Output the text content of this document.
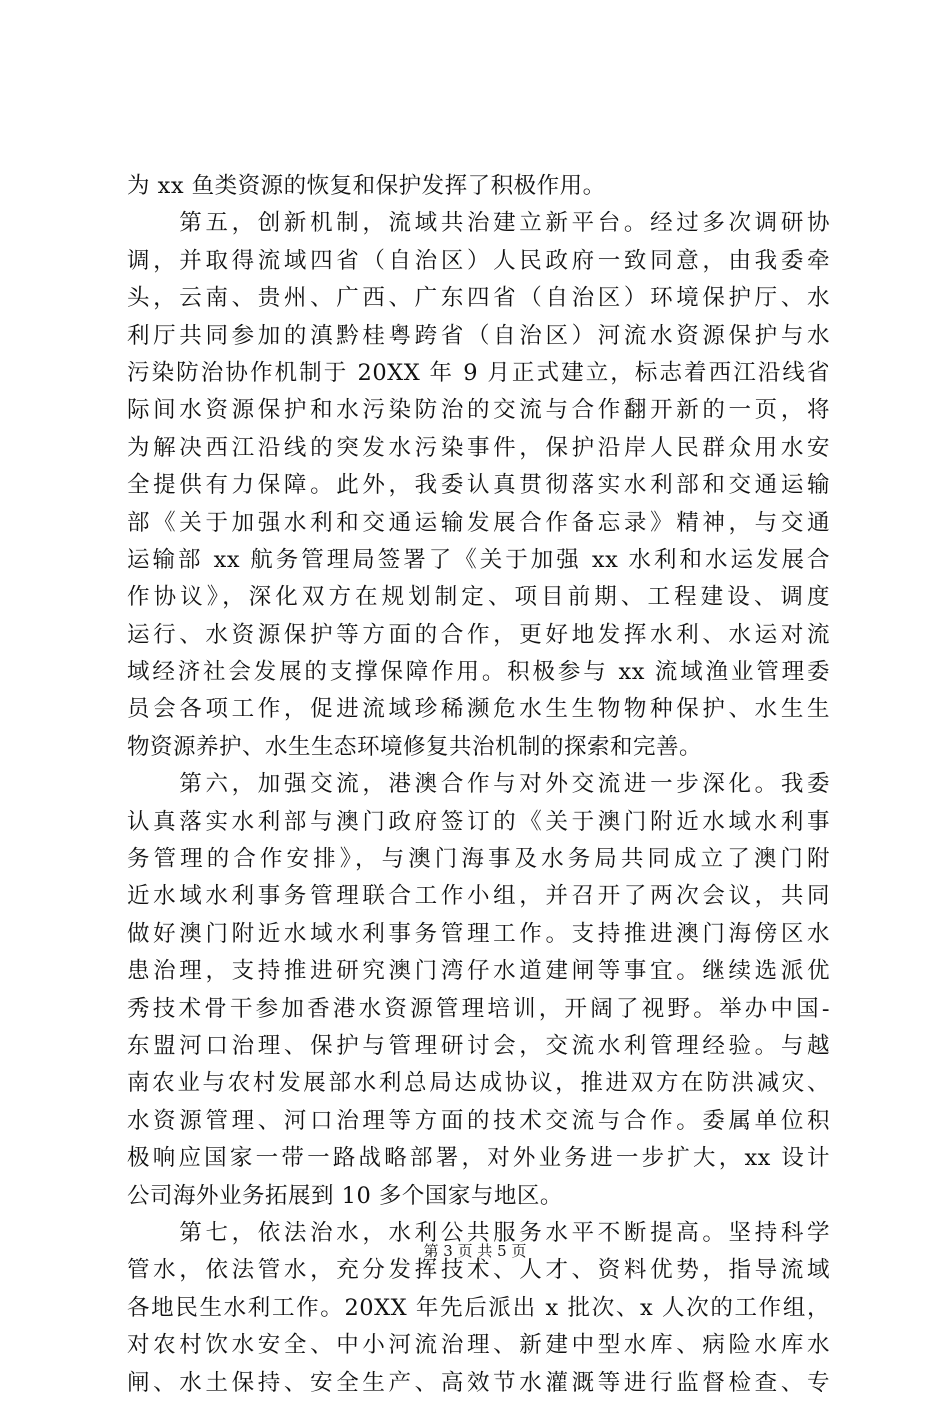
为 xx 鱼类资源的恢复和保护发挥了积极作用。
　　第五，创新机制，流域共治建立新平台。经过多次调研协
调，并取得流域四省（自治区）人民政府一致同意，由我委牵
头，云南、贵州、广西、广东四省（自治区）环境保护厅、水
利厅共同参加的滇黔桂粤跨省（自治区）河流水资源保护与水
污染防治协作机制于 20XX 年 9 月正式建立，标志着西江沿线省
际间水资源保护和水污染防治的交流与合作翻开新的一页，将
为解决西江沿线的突发水污染事件，保护沿岸人民群众用水安
全提供有力保障。此外，我委认真贯彻落实水利部和交通运输
部《关于加强水利和交通运输发展合作备忘录》精神，与交通
运输部 xx 航务管理局签署了《关于加强 xx 水利和水运发展合
作协议》，深化双方在规划制定、项目前期、工程建设、调度
运行、水资源保护等方面的合作，更好地发挥水利、水运对流
域经济社会发展的支撑保障作用。积极参与 xx 流域渔业管理委
员会各项工作，促进流域珍稀濒危水生生物物种保护、水生生
物资源养护、水生生态环境修复共治机制的探索和完善。
　　第六，加强交流，港澳合作与对外交流进一步深化。我委
认真落实水利部与澳门政府签订的《关于澳门附近水域水利事
务管理的合作安排》，与澳门海事及水务局共同成立了澳门附
近水域水利事务管理联合工作小组，并召开了两次会议，共同
做好澳门附近水域水利事务管理工作。支持推进澳门海傍区水
患治理，支持推进研究澳门湾仔水道建闸等事宜。继续选派优
秀技术骨干参加香港水资源管理培训，开阔了视野。举办中国-
东盟河口治理、保护与管理研讨会，交流水利管理经验。与越
南农业与农村发展部水利总局达成协议，推进双方在防洪减灾、
水资源管理、河口治理等方面的技术交流与合作。委属单位积
极响应国家一带一路战略部署，对外业务进一步扩大，xx 设计
公司海外业务拓展到 10 多个国家与地区。
　　第七，依法治水，水利公共服务水平不断提高。坚持科学
管水，依法管水，充分发挥技术、人才、资料优势，指导流域
各地民生水利工作。20XX 年先后派出 x 批次、x 人次的工作组，
对农村饮水安全、中小河流治理、新建中型水库、病险水库水
闸、水土保持、安全生产、高效节水灌溉等进行监督检查、专
第 3 页 共 5 页
